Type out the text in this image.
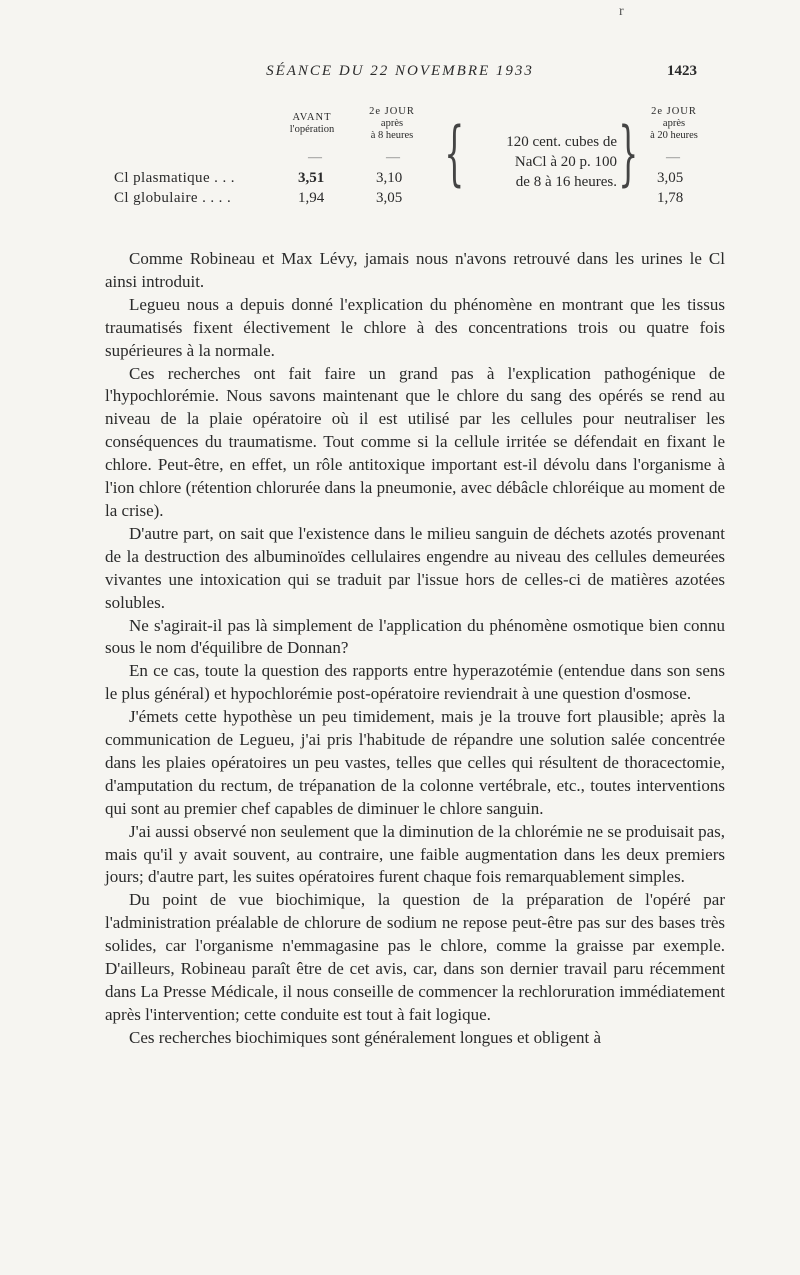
r
SÉANCE DU 22 NOVEMBRE 1933	1423
AVANT
l'opération
2e JOUR
après
à 8 heures
2e JOUR
après
à 20 heures
—	—	—
{ }
120 cent. cubes de
NaCl à 20 p. 100
de 8 à 16 heures.
Cl plasmatique . . .	3,51	3,10	3,05
Cl globulaire . . . .	1,94	3,05	1,78

Comme Robineau et Max Lévy, jamais nous n'avons retrouvé dans les urines le Cl ainsi introduit.

Legueu nous a depuis donné l'explication du phénomène en montrant que les tissus traumatisés fixent électivement le chlore à des concentrations trois ou quatre fois supérieures à la normale.

Ces recherches ont fait faire un grand pas à l'explication pathogénique de l'hypochlorémie. Nous savons maintenant que le chlore du sang des opérés se rend au niveau de la plaie opératoire où il est utilisé par les cellules pour neutraliser les conséquences du traumatisme. Tout comme si la cellule irritée se défendait en fixant le chlore. Peut-être, en effet, un rôle antitoxique important est-il dévolu dans l'organisme à l'ion chlore (rétention chlorurée dans la pneumonie, avec débâcle chloréique au moment de la crise).

D'autre part, on sait que l'existence dans le milieu sanguin de déchets azotés provenant de la destruction des albuminoïdes cellulaires engendre au niveau des cellules demeurées vivantes une intoxication qui se traduit par l'issue hors de celles-ci de matières azotées solubles.

Ne s'agirait-il pas là simplement de l'application du phénomène osmotique bien connu sous le nom d'équilibre de Donnan?

En ce cas, toute la question des rapports entre hyperazotémie (entendue dans son sens le plus général) et hypochlorémie post-opératoire reviendrait à une question d'osmose.

J'émets cette hypothèse un peu timidement, mais je la trouve fort plausible; après la communication de Legueu, j'ai pris l'habitude de répandre une solution salée concentrée dans les plaies opératoires un peu vastes, telles que celles qui résultent de thoracectomie, d'amputation du rectum, de trépanation de la colonne vertébrale, etc., toutes interventions qui sont au premier chef capables de diminuer le chlore sanguin.

J'ai aussi observé non seulement que la diminution de la chlorémie ne se produisait pas, mais qu'il y avait souvent, au contraire, une faible augmentation dans les deux premiers jours; d'autre part, les suites opératoires furent chaque fois remarquablement simples.

Du point de vue biochimique, la question de la préparation de l'opéré par l'administration préalable de chlorure de sodium ne repose peut-être pas sur des bases très solides, car l'organisme n'emmagasine pas le chlore, comme la graisse par exemple. D'ailleurs, Robineau paraît être de cet avis, car, dans son dernier travail paru récemment dans La Presse Médicale, il nous conseille de commencer la rechloruration immédiatement après l'intervention; cette conduite est tout à fait logique.

Ces recherches biochimiques sont généralement longues et obligent à
